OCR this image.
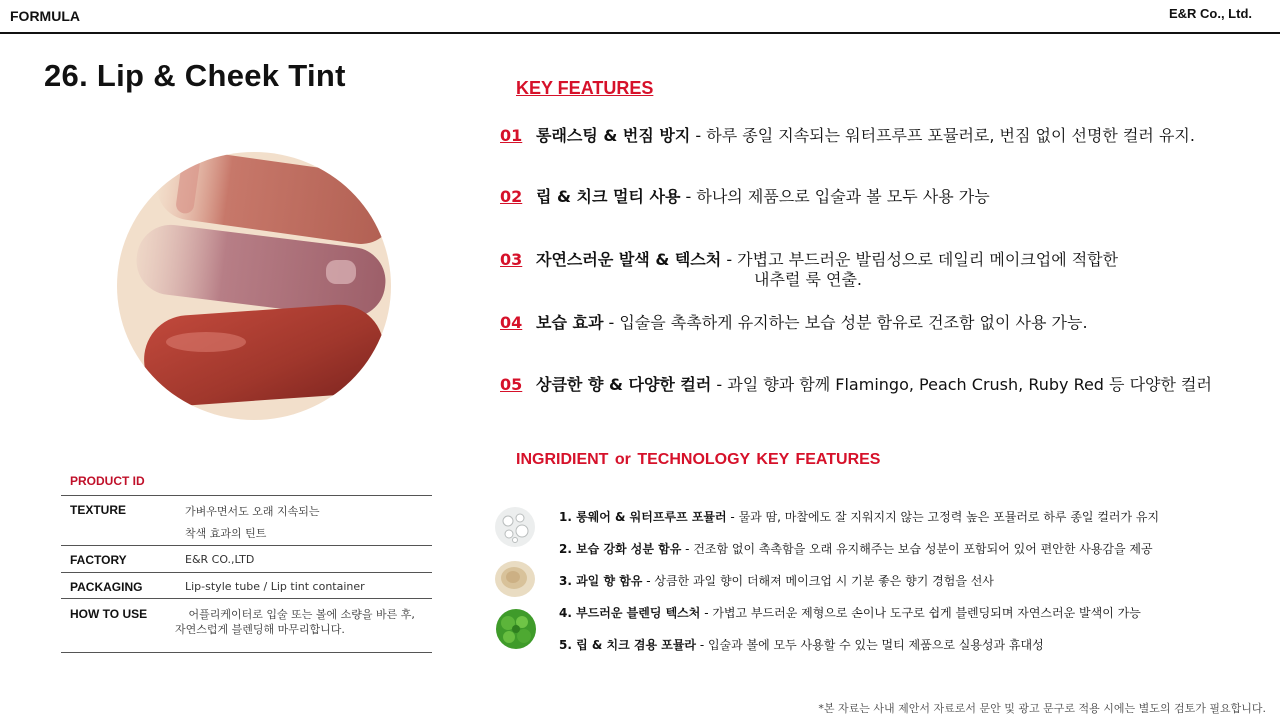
FORMULA	E&R Co., Ltd.
26. Lip & Cheek Tint	KEY FEATURES
01 롱래스팅 & 번짐 방지 - 하루 종일 지속되는 워터프루프 포뮬러로, 번짐 없이 선명한 컬러 유지.
02 립 & 치크 멀티 사용 - 하나의 제품으로 입술과 볼 모두 사용 가능
03 자연스러운 발색 & 텍스처 - 가볍고 부드러운 발림성으로 데일리 메이크업에 적합한
내추럴 룩 연출.
04 보습 효과 - 입술을 촉촉하게 유지하는 보습 성분 함유로 건조함 없이 사용 가능.
05 상큼한 향 & 다양한 컬러 - 과일 향과 함께 Flamingo, Peach Crush, Ruby Red 등 다양한 컬러
INGRIDIENT or TECHNOLOGY KEY FEATURES
1. 롱웨어 & 워터프루프 포뮬러 - 물과 땀, 마찰에도 잘 지워지지 않는 고정력 높은 포뮬러로 하루 종일 컬러가 유지
2. 보습 강화 성분 함유 - 건조함 없이 촉촉함을 오래 유지해주는 보습 성분이 포함되어 있어 편안한 사용감을 제공
3. 과일 향 함유 - 상큼한 과일 향이 더해져 메이크업 시 기분 좋은 향기 경험을 선사
4. 부드러운 블렌딩 텍스처 - 가볍고 부드러운 제형으로 손이나 도구로 쉽게 블렌딩되며 자연스러운 발색이 가능
5. 립 & 치크 겸용 포뮬라 - 입술과 볼에 모두 사용할 수 있는 멀티 제품으로 실용성과 휴대성
PRODUCT ID
TEXTURE	가벼우면서도 오래 지속되는
착색 효과의 틴트
FACTORY	E&R CO.,LTD
PACKAGING	Lip-style tube / Lip tint container
HOW TO USE	어플리케이터로 입술 또는 볼에 소량을 바른 후,
자연스럽게 블렌딩해 마무리합니다.
*본 자료는 사내 제안서 자료로서 문안 및 광고 문구로 적용 시에는 별도의 검토가 필요합니다.
